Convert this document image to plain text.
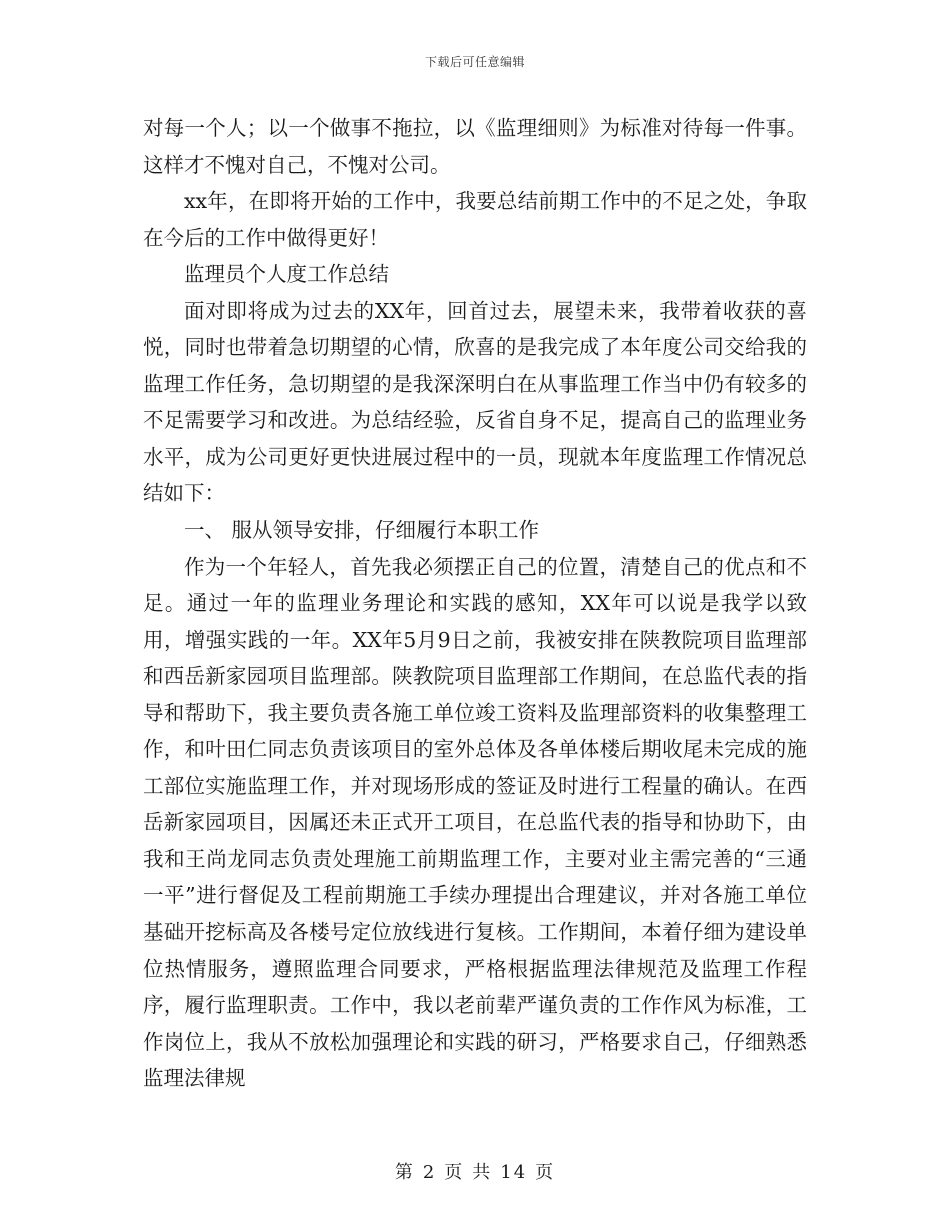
下载后可任意编辑

对每一个人；以一个做事不拖拉，以《监理细则》为标准对待每一件事。这样才不愧对自己，不愧对公司。

xx年，在即将开始的工作中，我要总结前期工作中的不足之处，争取在今后的工作中做得更好！

监理员个人度工作总结

面对即将成为过去的XX年，回首过去，展望未来，我带着收获的喜悦，同时也带着急切期望的心情，欣喜的是我完成了本年度公司交给我的监理工作任务，急切期望的是我深深明白在从事监理工作当中仍有较多的不足需要学习和改进。为总结经验，反省自身不足，提高自己的监理业务水平，成为公司更好更快进展过程中的一员，现就本年度监理工作情况总结如下：

一、 服从领导安排，仔细履行本职工作

作为一个年轻人，首先我必须摆正自己的位置，清楚自己的优点和不足。通过一年的监理业务理论和实践的感知，XX年可以说是我学以致用，增强实践的一年。XX年5月9日之前，我被安排在陕教院项目监理部和西岳新家园项目监理部。陕教院项目监理部工作期间，在总监代表的指导和帮助下，我主要负责各施工单位竣工资料及监理部资料的收集整理工作，和叶田仁同志负责该项目的室外总体及各单体楼后期收尾未完成的施工部位实施监理工作，并对现场形成的签证及时进行工程量的确认。在西岳新家园项目，因属还未正式开工项目，在总监代表的指导和协助下，由我和王尚龙同志负责处理施工前期监理工作，主要对业主需完善的“三通一平”进行督促及工程前期施工手续办理提出合理建议，并对各施工单位基础开挖标高及各楼号定位放线进行复核。工作期间，本着仔细为建设单位热情服务，遵照监理合同要求，严格根据监理法律规范及监理工作程序，履行监理职责。工作中，我以老前辈严谨负责的工作作风为标准，工作岗位上，我从不放松加强理论和实践的研习，严格要求自己，仔细熟悉监理法律规

第 2 页 共 14 页
